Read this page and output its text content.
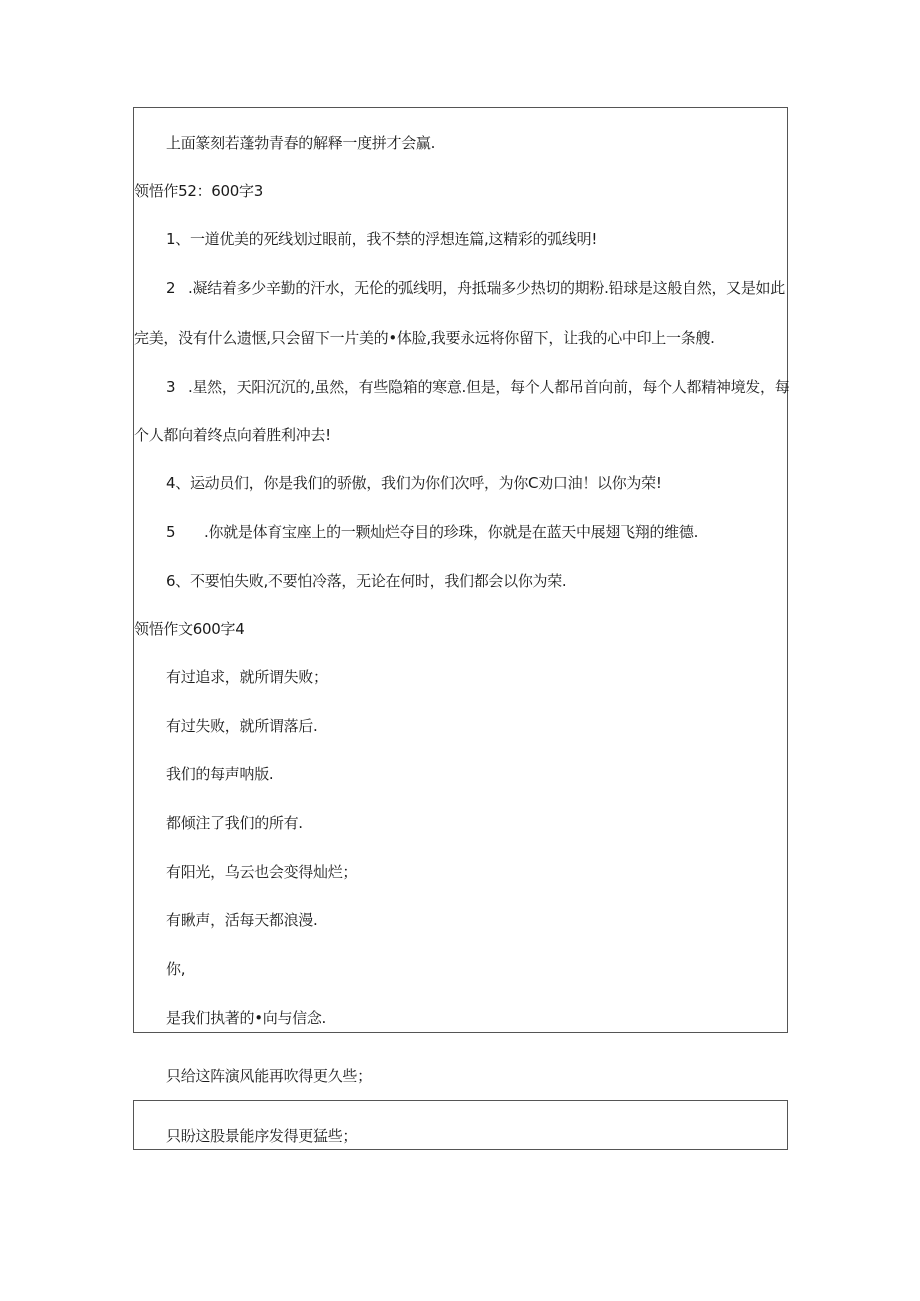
上面篆刻若蓬勃青春的解释一度拼才会赢.
领悟作52：600字3
1、一道优美的死线划过眼前，我不禁的浮想连篇,这精彩的弧线明!
2 .凝结着多少辛勤的汗水，无伦的弧线明，舟抵瑞多少热切的期粉.铅球是这般自然，又是如此
完美，没有什么遗惬,只会留下一片美的•体脸,我要永远将你留下，让我的心中印上一条艘.
3 .星然，天阳沉沉的,虽然，有些隐箱的寒意.但是，每个人都吊首向前，每个人都精神境发，每
个人都向着终点向着胜利冲去!
4、运动员们，你是我们的骄傲，我们为你们次呼，为你C劝口油！以你为荣!
5 .你就是体育宝座上的一颗灿烂夺目的珍珠，你就是在蓝天中展翅飞翔的维德.
6、不要怕失败,不要怕冷落，无论在何时，我们都会以你为荣.
领悟作文600字4
有过追求，就所谓失败；
有过失败，就所谓落后.
我们的每声呐版.
都倾注了我们的所有.
有阳光，乌云也会变得灿烂；
有瞅声，活每天都浪漫.
你,
是我们执著的•向与信念.
只给这阵演风能再吹得更久些；
只盼这股景能序发得更猛些；
